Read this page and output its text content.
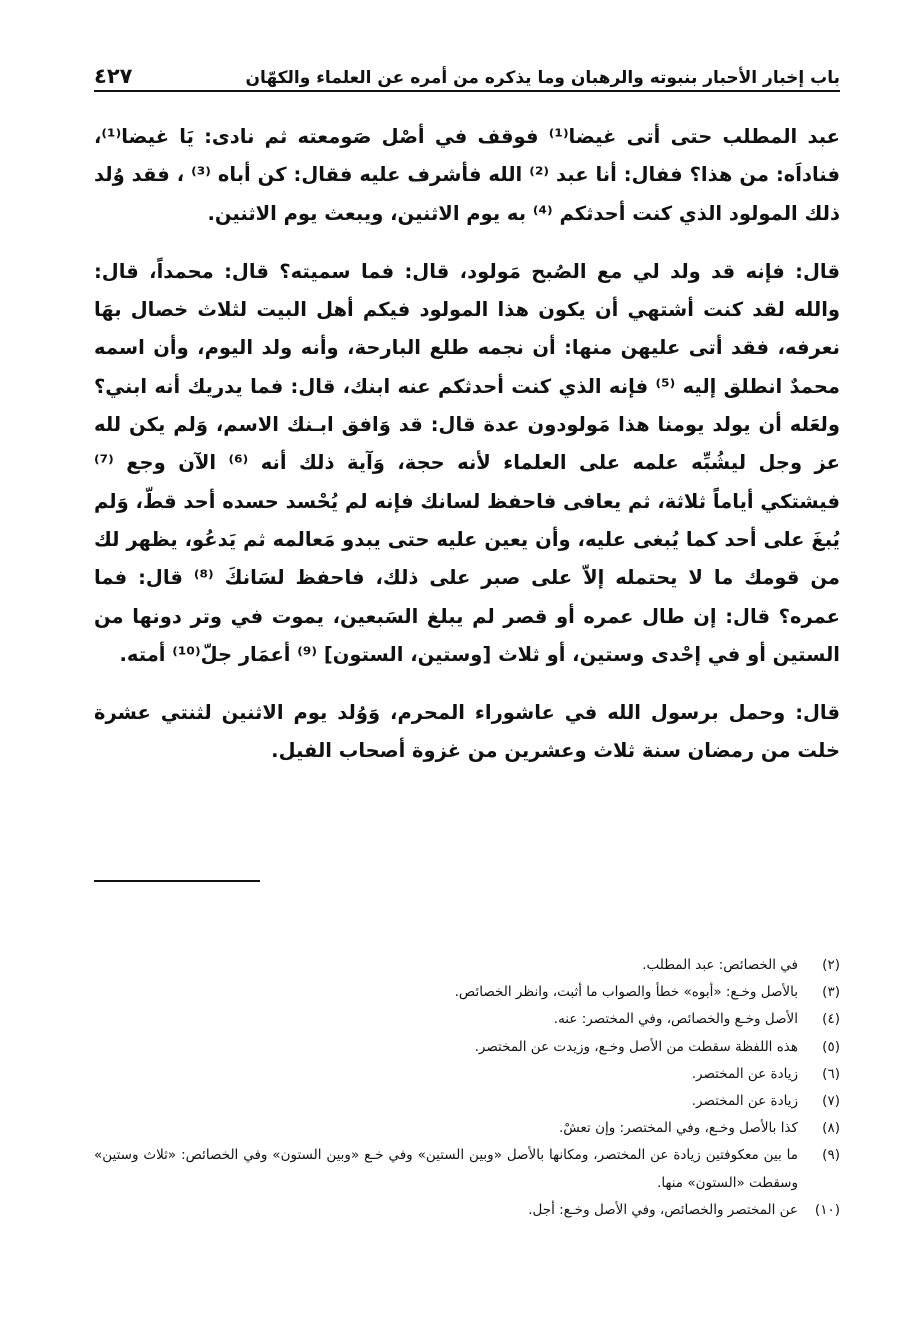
باب إخبار الأحبار بنبوته والرهبان وما يذكره من أمره عن العلماء والكهّان
٤٢٧

عبد المطلب حتى أتى غيضا⁽¹⁾ فوقف في أصْل صَومعته ثم نادى: يَا غيضا⁽¹⁾، فناداَه: من هذا؟ ففال: أنا عبد ⁽²⁾ الله فأشرف عليه فقال: كن أباه ⁽³⁾ ، فقد وُلد ذلك المولود الذي كنت أحدثكم ⁽⁴⁾ به يوم الاثنين، ويبعث يوم الاثنين.

قال: فإنه قد ولد لي مع الصُبح مَولود، قال: فما سميته؟ قال: محمداً، قال: والله لقد كنت أشتهي أن يكون هذا المولود فيكم أهل البيت لثلاث خصال بهَا نعرفه، فقد أتى عليهن منها: أن نجمه طلع البارحة، وأنه ولد اليوم، وأن اسمه محمدٌ انطلق إليه ⁽⁵⁾ فإنه الذي كنت أحدثكم عنه ابنك، قال: فما يدريك أنه ابني؟ ولعَله أن يولد يومنا هذا مَولودون عدة قال: قد وَافق ابـنك الاسم، وَلم يكن لله عز وجل ليشُبِّه علمه على العلماء لأنه حجة، وَآية ذلك أنه ⁽⁶⁾ الآن وجع ⁽⁷⁾ فيشتكي أياماً ثلاثة، ثم يعافى فاحفظ لسانك فإنه لم يُحْسد حسده أحد قطّ، وَلم يُبغَ على أحد كما يُبغى عليه، وأن يعين عليه حتى يبدو مَعالمه ثم يَدعُو، يظهر لك من قومك ما لا يحتمله إلاّ على صبر على ذلك، فاحفظ لسَانكَ ⁽⁸⁾ قال: فما عمره؟ قال: إن طال عمره أو قصر لم يبلغ السَبعين، يموت في وتر دونها من الستين أو في إحْدى وستين، أو ثلاث [وستين، الستون] ⁽⁹⁾ أعمَار جلّ⁽¹⁰⁾ أمته.

قال: وحمل برسول الله في عاشوراء المحرم، وَوُلد يوم الاثنين لثنتي عشرة خلت من رمضان سنة ثلاث وعشرين من غزوة أصحاب الفيل.

(٢)
في الخصائص: عبد المطلب.
(٣)
بالأصل وخـع: «أبوه» خطأ والصواب ما أثبت، وانظر الخصائص.
(٤)
الأصل وخـع والخصائص، وفي المختصر: عنه.
(٥)
هذه اللفظة سقطت من الأصل وخـع، وزيدت عن المختصر.
(٦)
زيادة عن المختصر.
(٧)
زيادة عن المختصر.
(٨)
كذا بالأصل وخـع، وفي المختصر: وإن تعشْ.
(٩)
ما بين معكوفتين زيادة عن المختصر، ومكانها بالأصل «وبين الستين» وفي خـع «وبين الستون» وفي الخصائص: «ثلاث وستين» وسقطت «الستون» منها.
(١٠)
عن المختصر والخصائص، وفي الأصل وخـع: أجل.
